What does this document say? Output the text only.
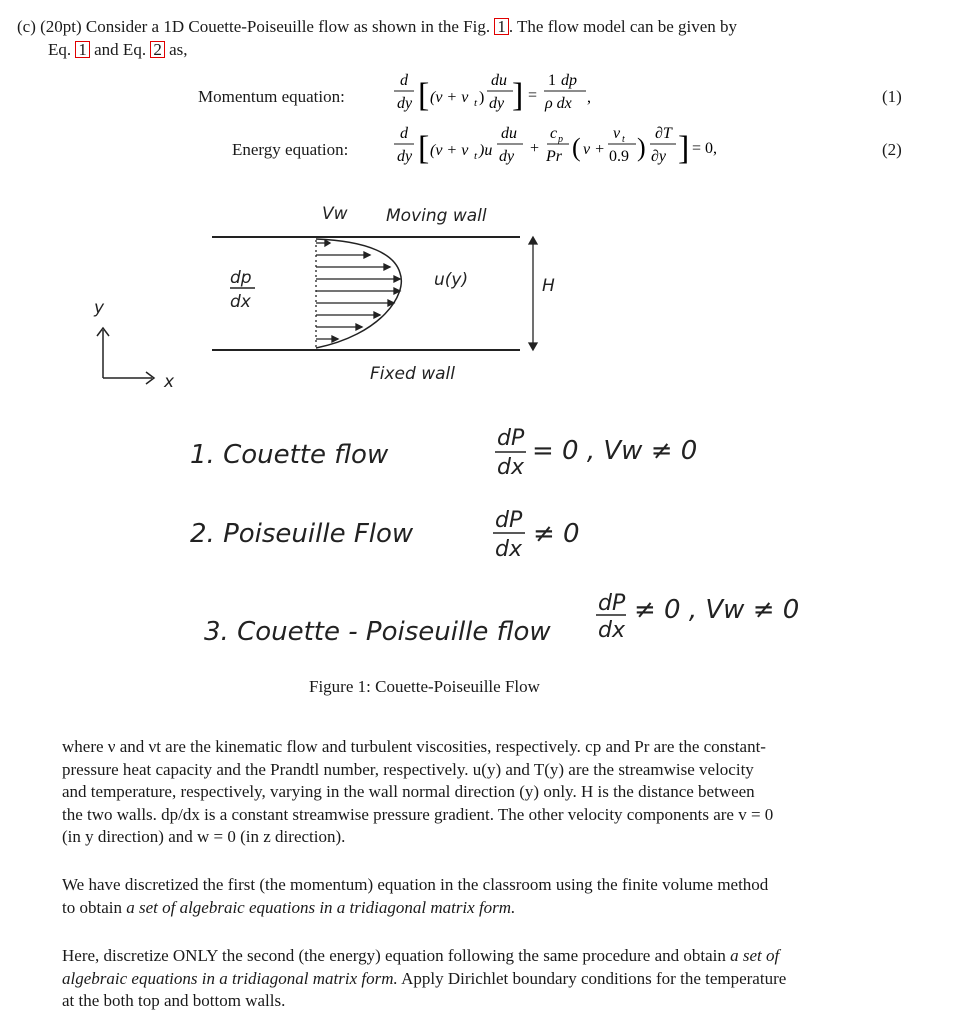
(c) (20pt) Consider a 1D Couette-Poiseuille flow as shown in the Fig. 1 . The flow model can be given by
Eq. 1 and Eq. 2 as,
Momentum equation:	(1)
Energy equation:	(2)
d
dy [ (ν + ν t )
du
dy ] =
1 dp
ρ dx ,
d
dy [ (ν + ν t )u
du
dy +
c p
Pr ( ν +
ν t
0.9 ) ∂T
∂y ] = 0,
Vw Moving wall
dp
dx
u(y)	H
Fixed wall
y
x
1. Couette flow
dP
dx
= 0 , Vw ≠ 0
2. Poiseuille Flow	dP
dx
≠ 0
3. Couette - Poiseuille flow
dP
dx
≠ 0 , Vw ≠ 0
Figure 1: Couette-Poiseuille Flow
where ν and νt are the kinematic flow and turbulent viscosities, respectively. cp and Pr are the constant-
pressure heat capacity and the Prandtl number, respectively. u(y) and T(y) are the streamwise velocity
and temperature, respectively, varying in the wall normal direction (y) only. H is the distance between
the two walls. dp/dx is a constant streamwise pressure gradient. The other velocity components are v = 0
(in y direction) and w = 0 (in z direction).
We have discretized the first (the momentum) equation in the classroom using the finite volume method
to obtain a set of algebraic equations in a tridiagonal matrix form.
Here, discretize ONLY the second (the energy) equation following the same procedure and obtain a set of
algebraic equations in a tridiagonal matrix form. Apply Dirichlet boundary conditions for the temperature
at the both top and bottom walls.
